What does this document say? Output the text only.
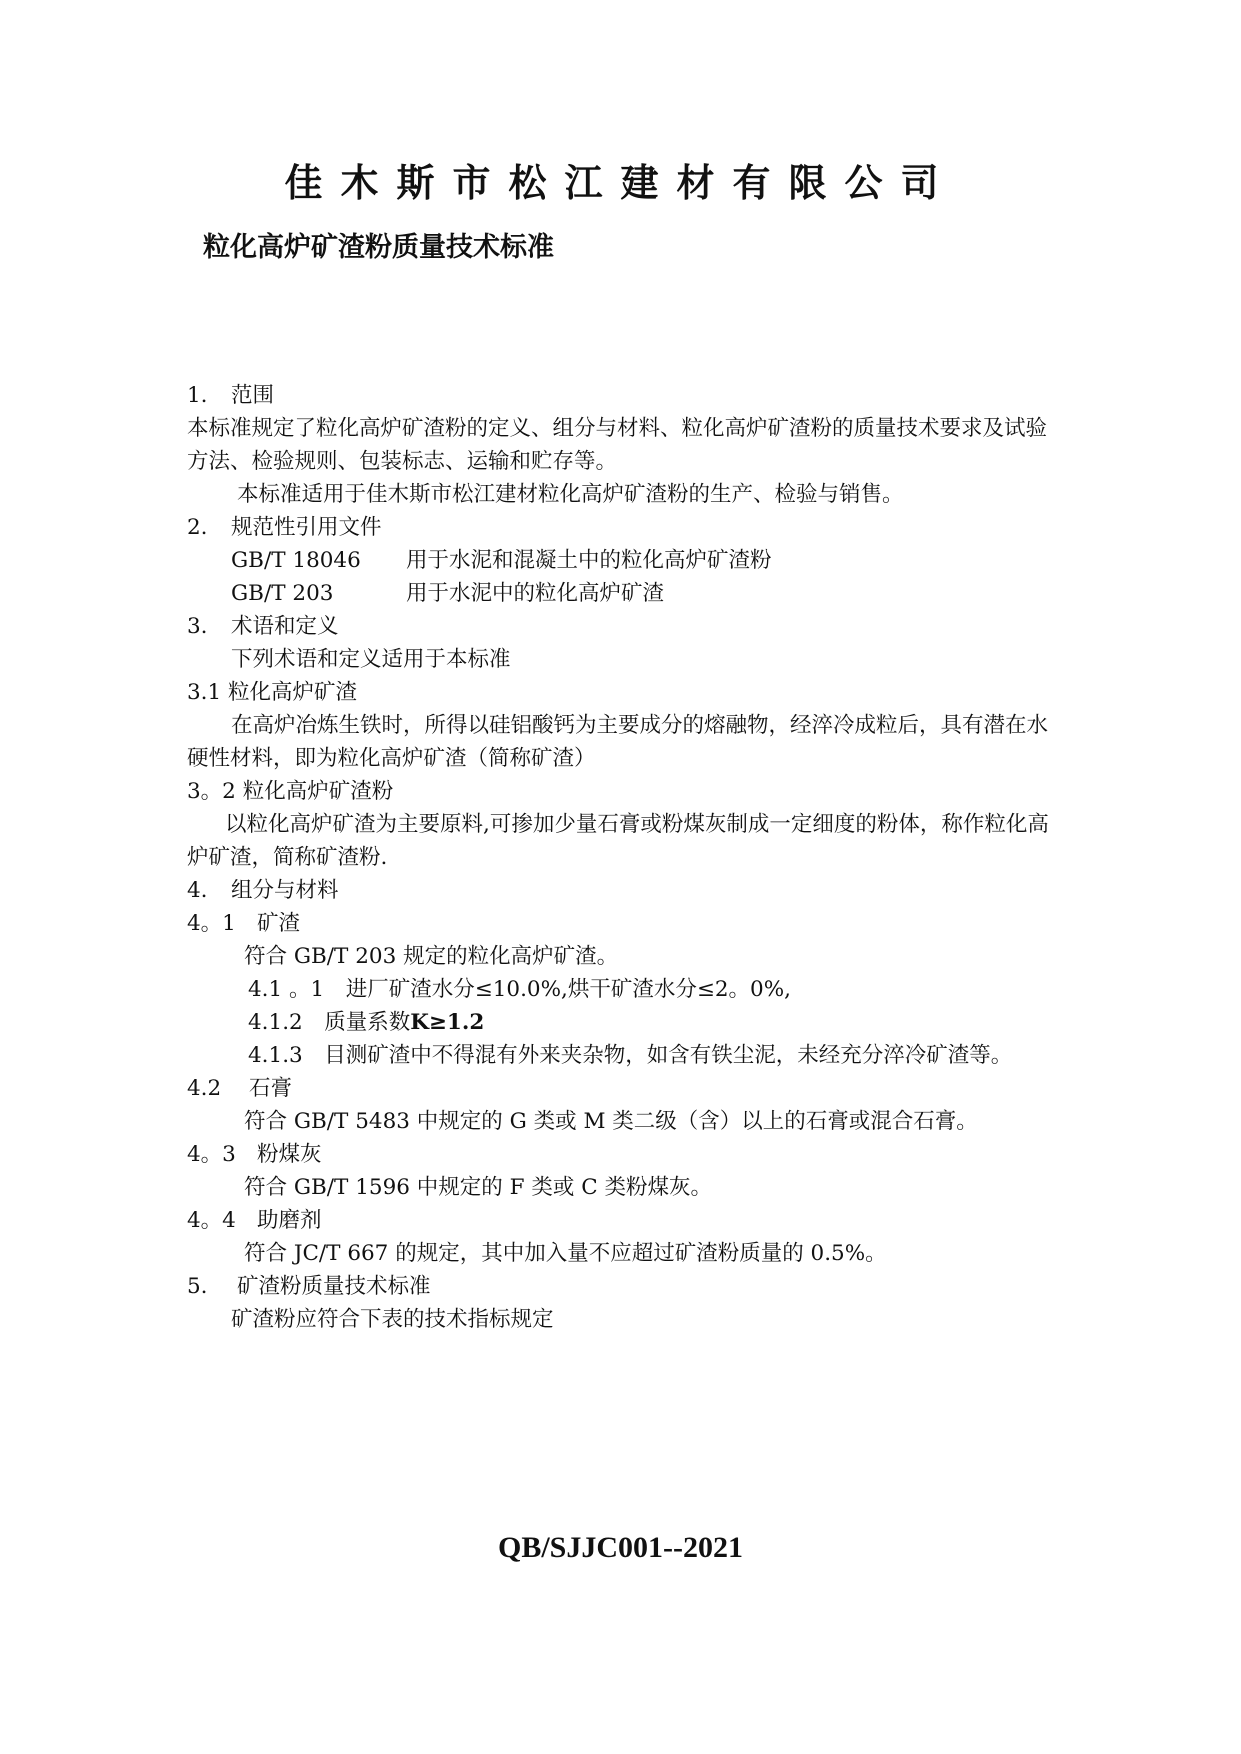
佳木斯市松江建材有限公司
粒化高炉矿渣粉质量技术标准
1. 范围
本标准规定了粒化高炉矿渣粉的定义、组分与材料、粒化高炉矿渣粉的质量技术要求及试验方法、检验规则、包装标志、运输和贮存等。
本标准适用于佳木斯市松江建材粒化高炉矿渣粉的生产、检验与销售。
2. 规范性引用文件
GB/T 18046 用于水泥和混凝土中的粒化高炉矿渣粉
GB/T 203	用于水泥中的粒化高炉矿渣
3. 术语和定义
下列术语和定义适用于本标准
3.1 粒化高炉矿渣
在高炉冶炼生铁时，所得以硅铝酸钙为主要成分的熔融物，经淬冷成粒后，具有潜在水硬性材料，即为粒化高炉矿渣（简称矿渣）
3。2 粒化高炉矿渣粉
以粒化高炉矿渣为主要原料,可掺加少量石膏或粉煤灰制成一定细度的粉体，称作粒化高炉矿渣，简称矿渣粉.
4. 组分与材料
4。1 矿渣
符合 GB/T 203 规定的粒化高炉矿渣。
4.1 。1　进厂矿渣水分≤10.0%,烘干矿渣水分≤2。0%,
4.1.2　质量系数K≥1.2
4.1.3　目测矿渣中不得混有外来夹杂物，如含有铁尘泥，未经充分淬冷矿渣等。
4.2 石膏
符合 GB/T 5483 中规定的 G 类或 M 类二级（含）以上的石膏或混合石膏。
4。3 粉煤灰
符合 GB/T 1596 中规定的 F 类或 C 类粉煤灰。
4。4 助磨剂
符合 JC/T 667 的规定，其中加入量不应超过矿渣粉质量的 0.5%。
5. 矿渣粉质量技术标准
矿渣粉应符合下表的技术指标规定
QB/SJJC001--2021
